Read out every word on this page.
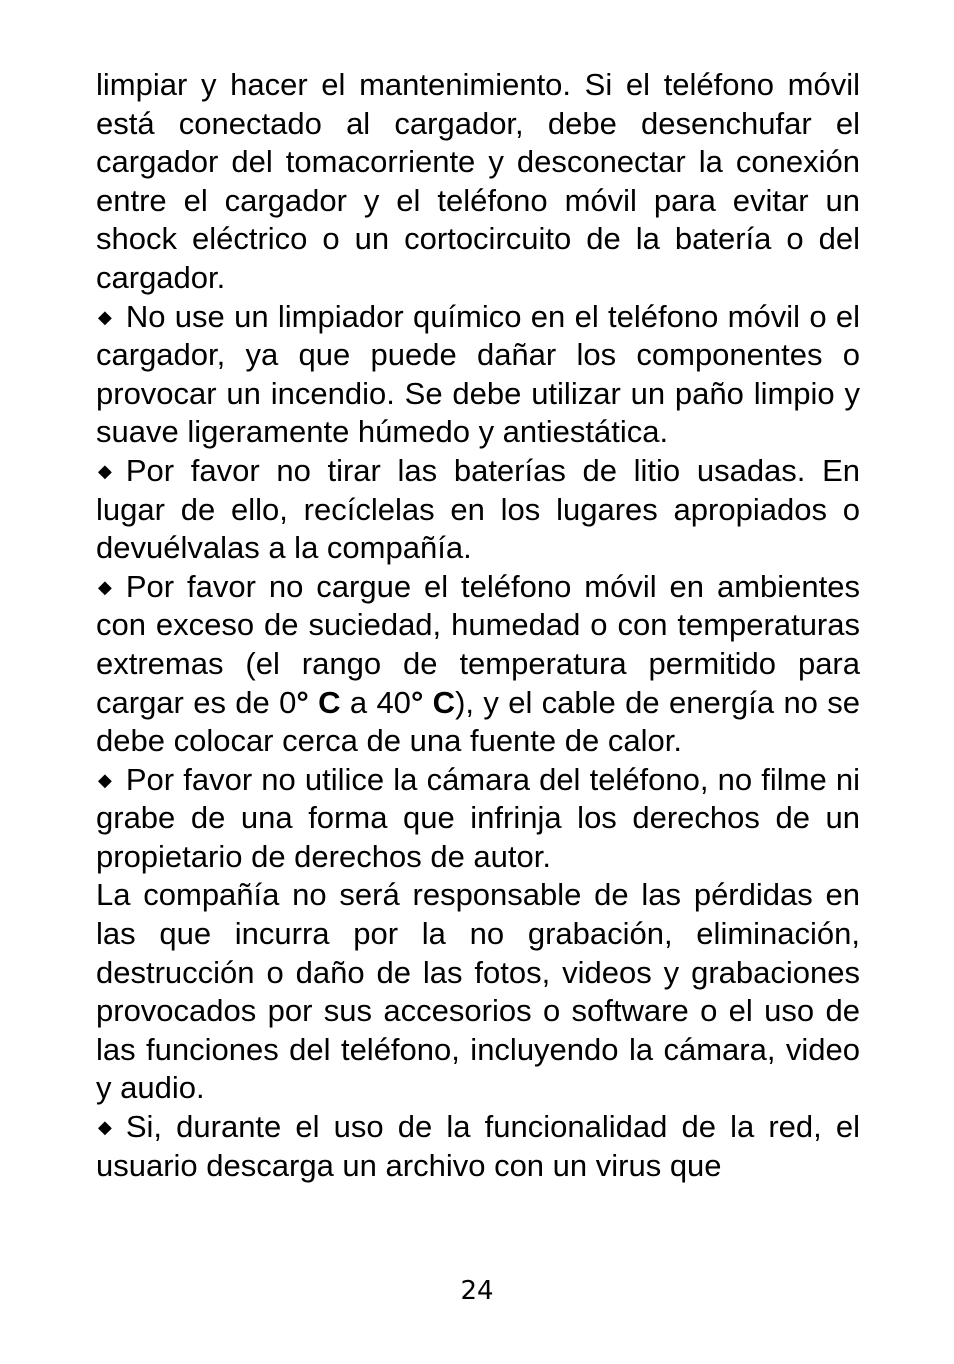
limpiar y hacer el mantenimiento. Si el teléfono móvil está conectado al cargador, debe desenchufar el cargador del tomacorriente y desconectar la conexión entre el cargador y el teléfono móvil para evitar un shock eléctrico o un cortocircuito de la batería o del cargador.

◆ No use un limpiador químico en el teléfono móvil o el cargador, ya que puede dañar los componentes o provocar un incendio. Se debe utilizar un paño limpio y suave ligeramente húmedo y antiestática.

◆ Por favor no tirar las baterías de litio usadas. En lugar de ello, recíclelas en los lugares apropiados o devuélvalas a la compañía.

◆ Por favor no cargue el teléfono móvil en ambientes con exceso de suciedad, humedad o con temperaturas extremas (el rango de temperatura permitido para cargar es de 0° C a 40° C), y el cable de energía no se debe colocar cerca de una fuente de calor.

◆ Por favor no utilice la cámara del teléfono, no filme ni grabe de una forma que infrinja los derechos de un propietario de derechos de autor.

La compañía no será responsable de las pérdidas en las que incurra por la no grabación, eliminación, destrucción o daño de las fotos, videos y grabaciones provocados por sus accesorios o software o el uso de las funciones del teléfono, incluyendo la cámara, video y audio.

◆ Si, durante el uso de la funcionalidad de la red, el usuario descarga un archivo con un virus que

24
